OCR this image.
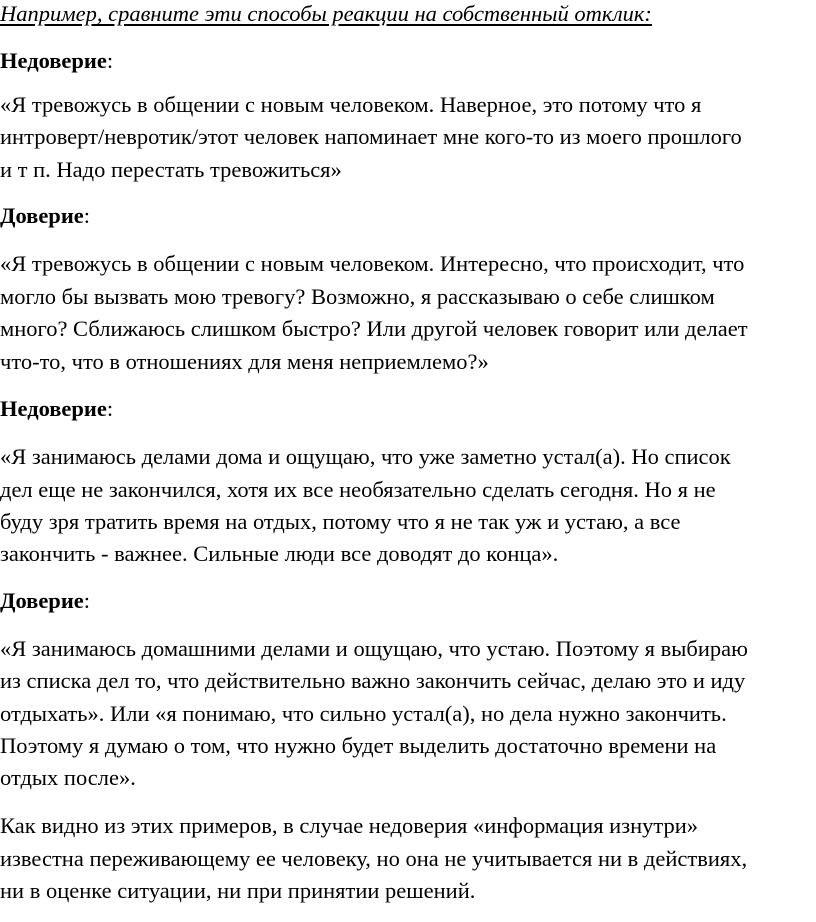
Например, сравните эти способы реакции на собственный отклик:
Недоверие:
«Я тревожусь в общении с новым человеком. Наверное, это потому что я
интроверт/невротик/этот человек напоминает мне кого-то из моего прошлого
и т п. Надо перестать тревожиться»
Доверие:
«Я тревожусь в общении с новым человеком. Интересно, что происходит, что
могло бы вызвать мою тревогу? Возможно, я рассказываю о себе слишком
много? Сближаюсь слишком быстро? Или другой человек говорит или делает
что-то, что в отношениях для меня неприемлемо?»
Недоверие:
«Я занимаюсь делами дома и ощущаю, что уже заметно устал(а). Но список
дел еще не закончился, хотя их все необязательно сделать сегодня. Но я не
буду зря тратить время на отдых, потому что я не так уж и устаю, а все
закончить - важнее. Сильные люди все доводят до конца».
Доверие:
«Я занимаюсь домашними делами и ощущаю, что устаю. Поэтому я выбираю
из списка дел то, что действительно важно закончить сейчас, делаю это и иду
отдыхать». Или «я понимаю, что сильно устал(а), но дела нужно закончить.
Поэтому я думаю о том, что нужно будет выделить достаточно времени на
отдых после».
Как видно из этих примеров, в случае недоверия «информация изнутри»
известна переживающему ее человеку, но она не учитывается ни в действиях,
ни в оценке ситуации, ни при принятии решений.
